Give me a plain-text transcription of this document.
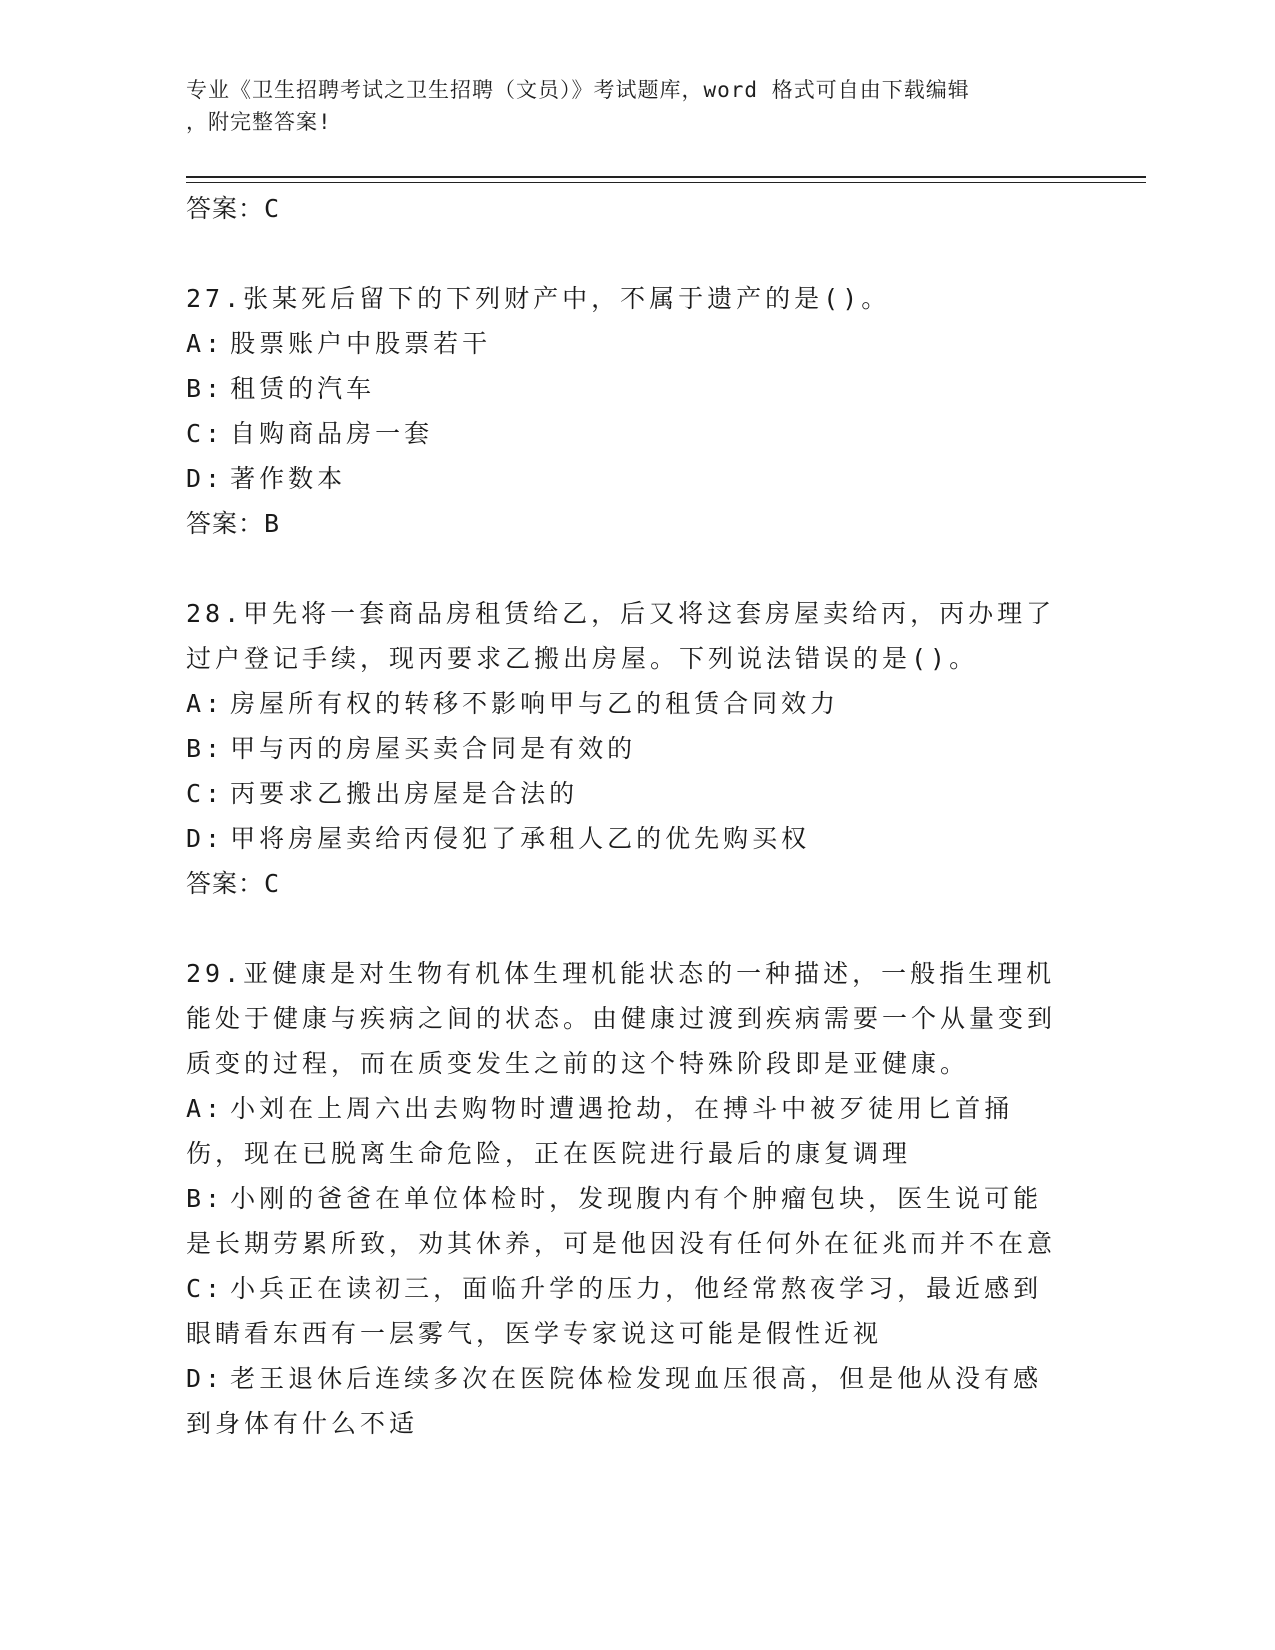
专业《卫生招聘考试之卫生招聘（文员）》考试题库，word 格式可自由下载编辑
，附完整答案!
答案：C
27.张某死后留下的下列财产中，不属于遗产的是()。
A: 股票账户中股票若干
B: 租赁的汽车
C: 自购商品房一套
D: 著作数本
答案：B
28.甲先将一套商品房租赁给乙，后又将这套房屋卖给丙，丙办理了过户登记手续，现丙要求乙搬出房屋。下列说法错误的是()。
A: 房屋所有权的转移不影响甲与乙的租赁合同效力
B: 甲与丙的房屋买卖合同是有效的
C: 丙要求乙搬出房屋是合法的
D: 甲将房屋卖给丙侵犯了承租人乙的优先购买权
答案：C
29.亚健康是对生物有机体生理机能状态的一种描述，一般指生理机能处于健康与疾病之间的状态。由健康过渡到疾病需要一个从量变到质变的过程，而在质变发生之前的这个特殊阶段即是亚健康。
A: 小刘在上周六出去购物时遭遇抢劫，在搏斗中被歹徒用匕首捅伤，现在已脱离生命危险，正在医院进行最后的康复调理
B: 小刚的爸爸在单位体检时，发现腹内有个肿瘤包块，医生说可能是长期劳累所致，劝其休养，可是他因没有任何外在征兆而并不在意
C: 小兵正在读初三，面临升学的压力，他经常熬夜学习，最近感到眼睛看东西有一层雾气，医学专家说这可能是假性近视
D: 老王退休后连续多次在医院体检发现血压很高，但是他从没有感到身体有什么不适
